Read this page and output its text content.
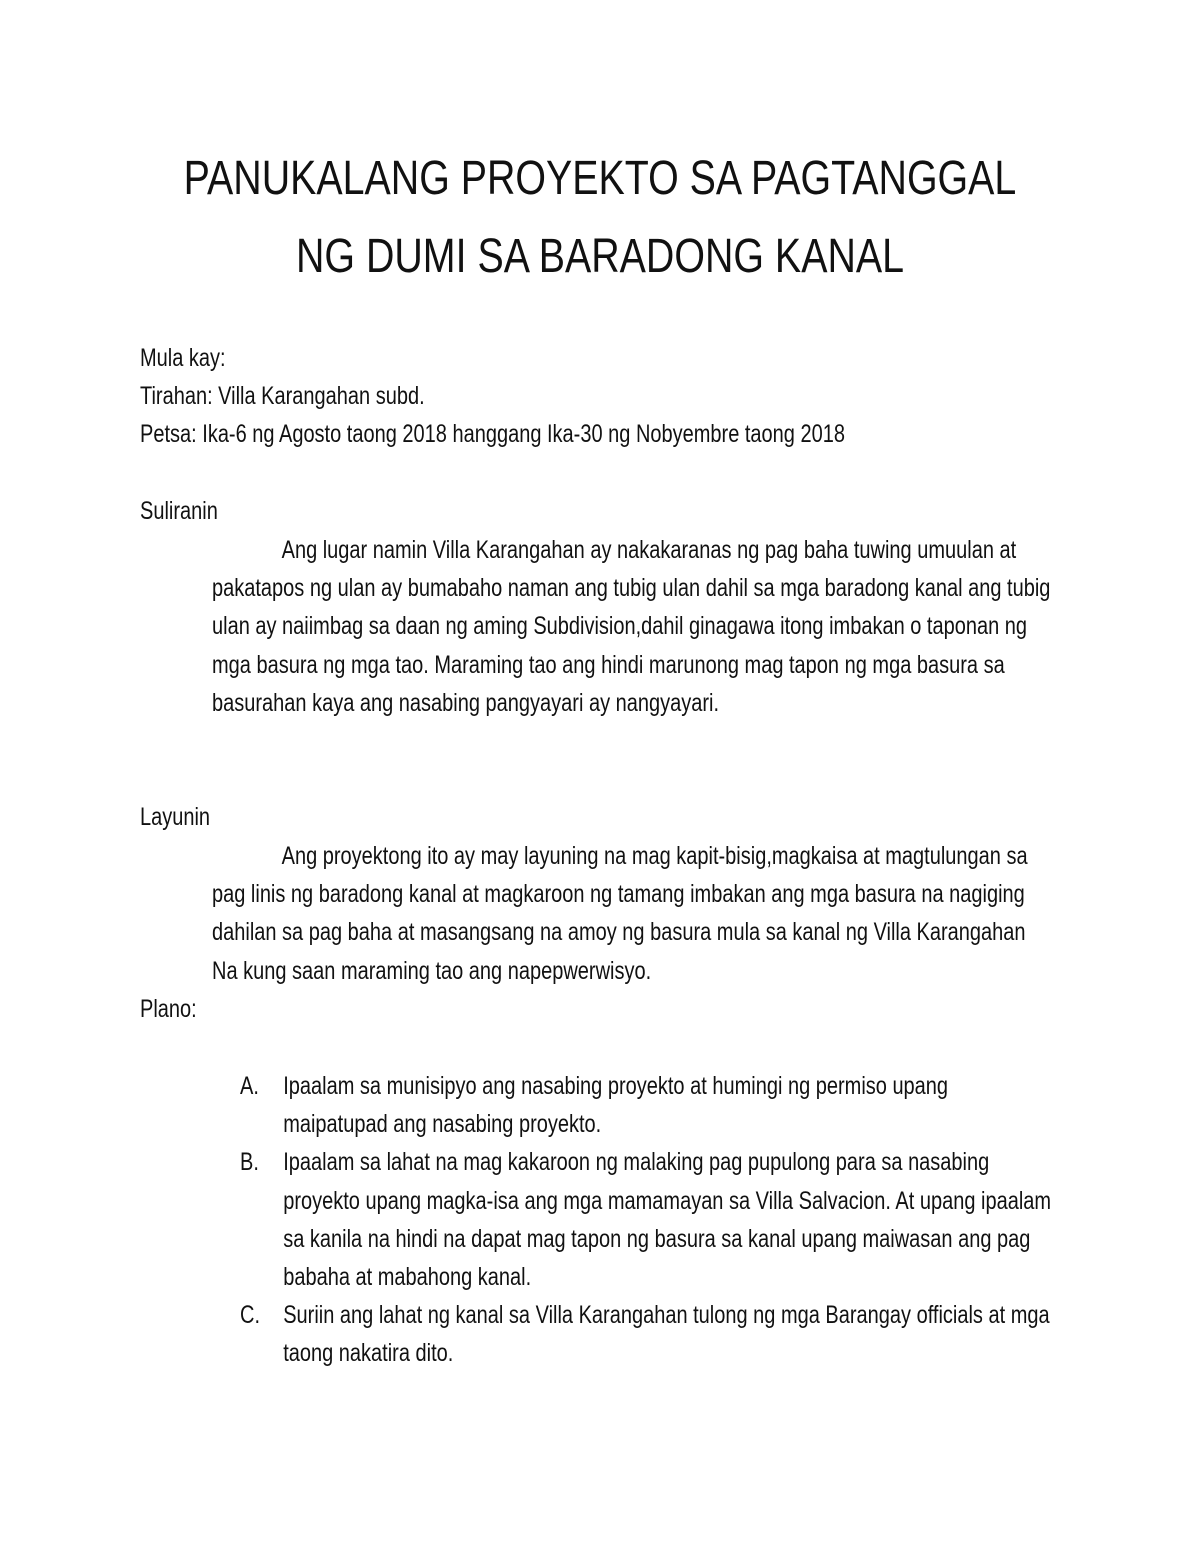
PANUKALANG PROYEKTO SA PAGTANGGAL
NG DUMI SA BARADONG KANAL
Mula kay:
Tirahan: Villa Karangahan subd.
Petsa: Ika-6 ng Agosto taong 2018 hanggang Ika-30 ng Nobyembre taong 2018
Suliranin

Ang lugar namin Villa Karangahan ay nakakaranas ng pag baha tuwing umuulan at pakatapos ng ulan ay bumabaho naman ang tubig ulan dahil sa mga baradong kanal ang tubig ulan ay naiimbag sa daan ng aming Subdivision,dahil ginagawa itong imbakan o taponan ng mga basura ng mga tao. Maraming tao ang hindi marunong mag tapon ng mga basura sa basurahan kaya ang nasabing pangyayari ay nangyayari.

Layunin

Ang proyektong ito ay may layuning na mag kapit-bisig,magkaisa at magtulungan sa pag linis ng baradong kanal at magkaroon ng tamang imbakan ang mga basura na nagiging dahilan sa pag baha at masangsang na amoy ng basura mula sa kanal ng Villa Karangahan Na kung saan maraming tao ang napepwerwisyo.

Plano:
A. Ipaalam sa munisipyo ang nasabing proyekto at humingi ng permiso upang maipatupad ang nasabing proyekto.
B. Ipaalam sa lahat na mag kakaroon ng malaking pag pupulong para sa nasabing proyekto upang magka-isa ang mga mamamayan sa Villa Salvacion. At upang ipaalam sa kanila na hindi na dapat mag tapon ng basura sa kanal upang maiwasan ang pag babaha at mabahong kanal.
C. Suriin ang lahat ng kanal sa Villa Karangahan tulong ng mga Barangay officials at mga taong nakatira dito.
